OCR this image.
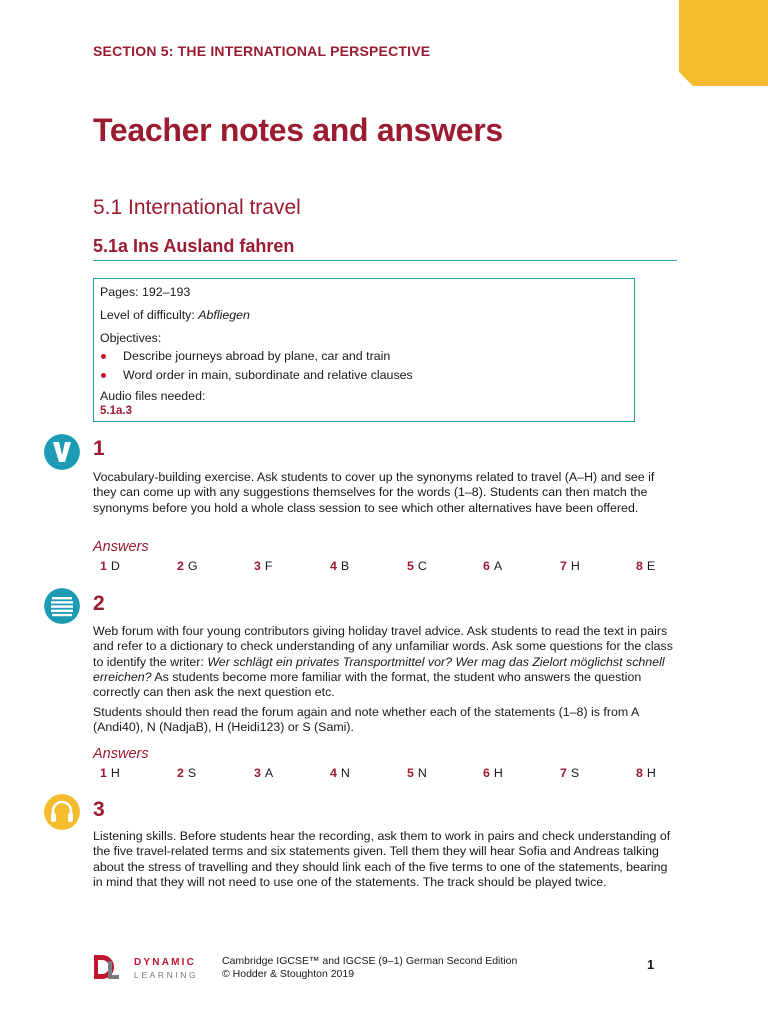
SECTION 5: THE INTERNATIONAL PERSPECTIVE
Teacher notes and answers
5.1 International travel
5.1a Ins Ausland fahren
Pages: 192–193
Level of difficulty: Abfliegen
Objectives:
Describe journeys abroad by plane, car and train
Word order in main, subordinate and relative clauses
Audio files needed:
5.1a.3
1
Vocabulary-building exercise. Ask students to cover up the synonyms related to travel (A–H) and see if they can come up with any suggestions themselves for the words (1–8). Students can then match the synonyms before you hold a whole class session to see which other alternatives have been offered.
Answers
1 D	2 G	3 F	4 B	5 C	6 A	7 H	8 E
2
Web forum with four young contributors giving holiday travel advice. Ask students to read the text in pairs and refer to a dictionary to check understanding of any unfamiliar words. Ask some questions for the class to identify the writer: Wer schlägt ein privates Transportmittel vor? Wer mag das Zielort möglichst schnell erreichen? As students become more familiar with the format, the student who answers the question correctly can then ask the next question etc.
Students should then read the forum again and note whether each of the statements (1–8) is from A (Andi40), N (NadjaB), H (Heidi123) or S (Sami).
Answers
1 H	2 S	3 A	4 N	5 N	6 H	7 S	8 H
3
Listening skills. Before students hear the recording, ask them to work in pairs and check understanding of the five travel-related terms and six statements given. Tell them they will hear Sofia and Andreas talking about the stress of travelling and they should link each of the five terms to one of the statements, bearing in mind that they will not need to use one of the statements. The track should be played twice.
DYNAMIC
LEARNING
Cambridge IGCSE™ and IGCSE (9–1) German Second Edition
© Hodder & Stoughton 2019
1
